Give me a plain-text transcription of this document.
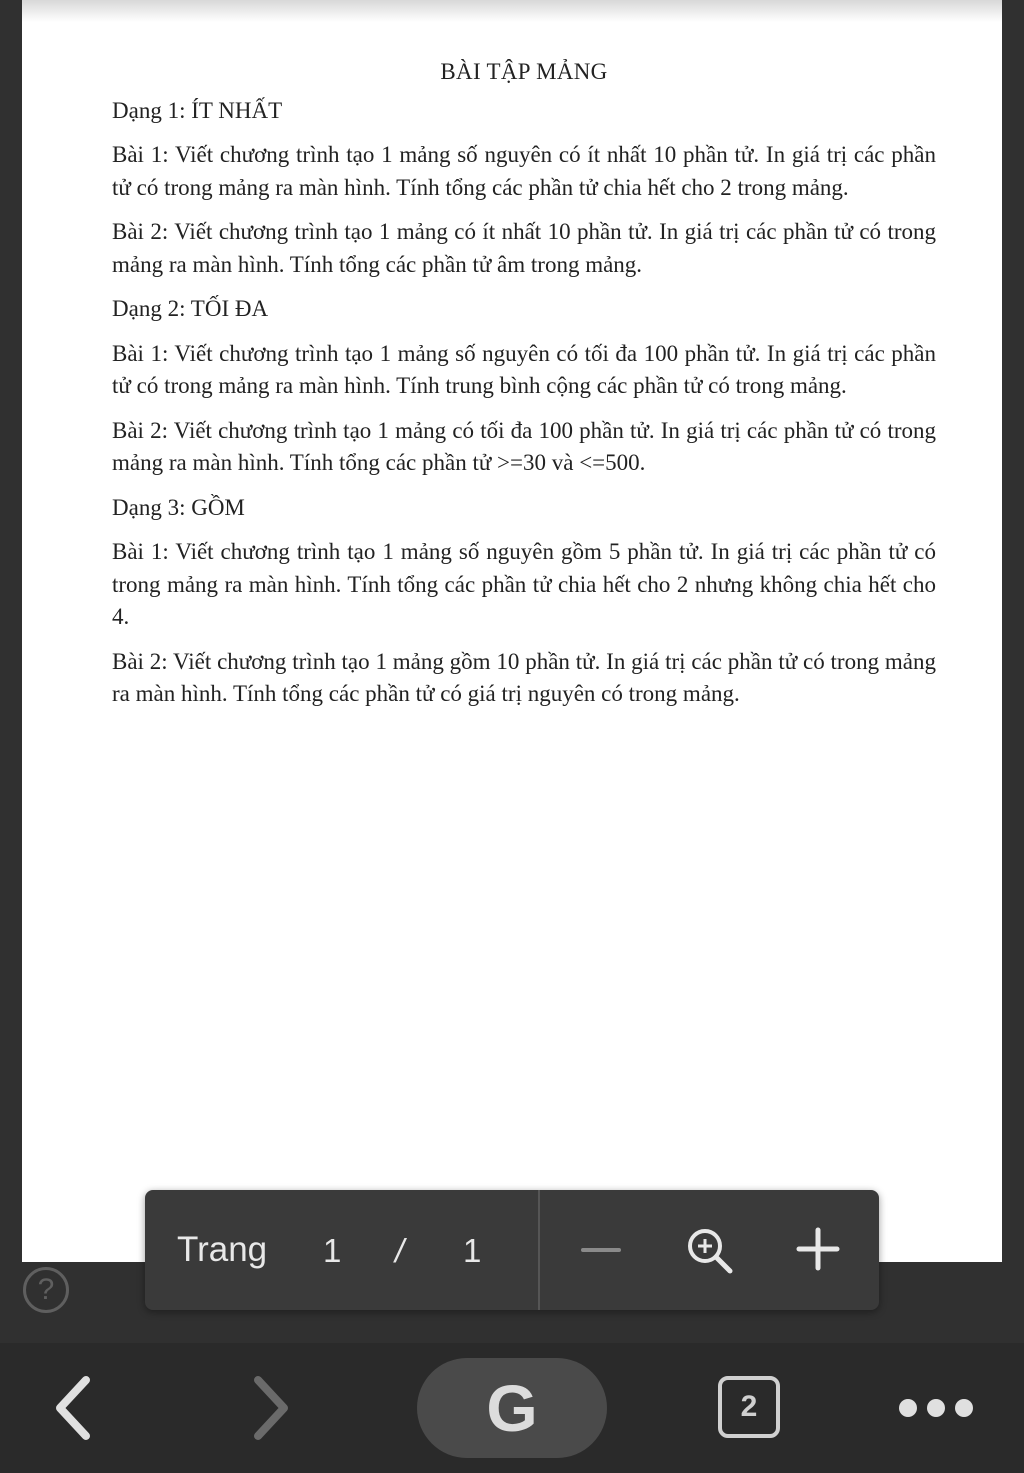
BÀI TẬP MẢNG

Dạng 1: ÍT NHẤT

Bài 1: Viết chương trình tạo 1 mảng số nguyên có ít nhất 10 phần tử. In giá trị các phần tử có trong mảng ra màn hình. Tính tổng các phần tử chia hết cho 2 trong mảng.

Bài 2: Viết chương trình tạo 1 mảng có ít nhất 10 phần tử. In giá trị các phần tử có trong mảng ra màn hình. Tính tổng các phần tử âm trong mảng.

Dạng 2: TỐI ĐA

Bài 1: Viết chương trình tạo 1 mảng số nguyên có tối đa 100 phần tử. In giá trị các phần tử có trong mảng ra màn hình. Tính trung bình cộng các phần tử có trong mảng.

Bài 2: Viết chương trình tạo 1 mảng có tối đa 100 phần tử. In giá trị các phần tử có trong mảng ra màn hình. Tính tổng các phần tử >=30 và <=500.

Dạng 3: GỒM

Bài 1: Viết chương trình tạo 1 mảng số nguyên gồm 5 phần tử. In giá trị các phần tử có trong mảng ra màn hình. Tính tổng các phần tử chia hết cho 2 nhưng không chia hết cho 4.

Bài 2: Viết chương trình tạo 1 mảng gồm 10 phần tử. In giá trị các phần tử có trong mảng ra màn hình. Tính tổng các phần tử có giá trị nguyên có trong mảng.

?
Trang 1 / 1
G	2
